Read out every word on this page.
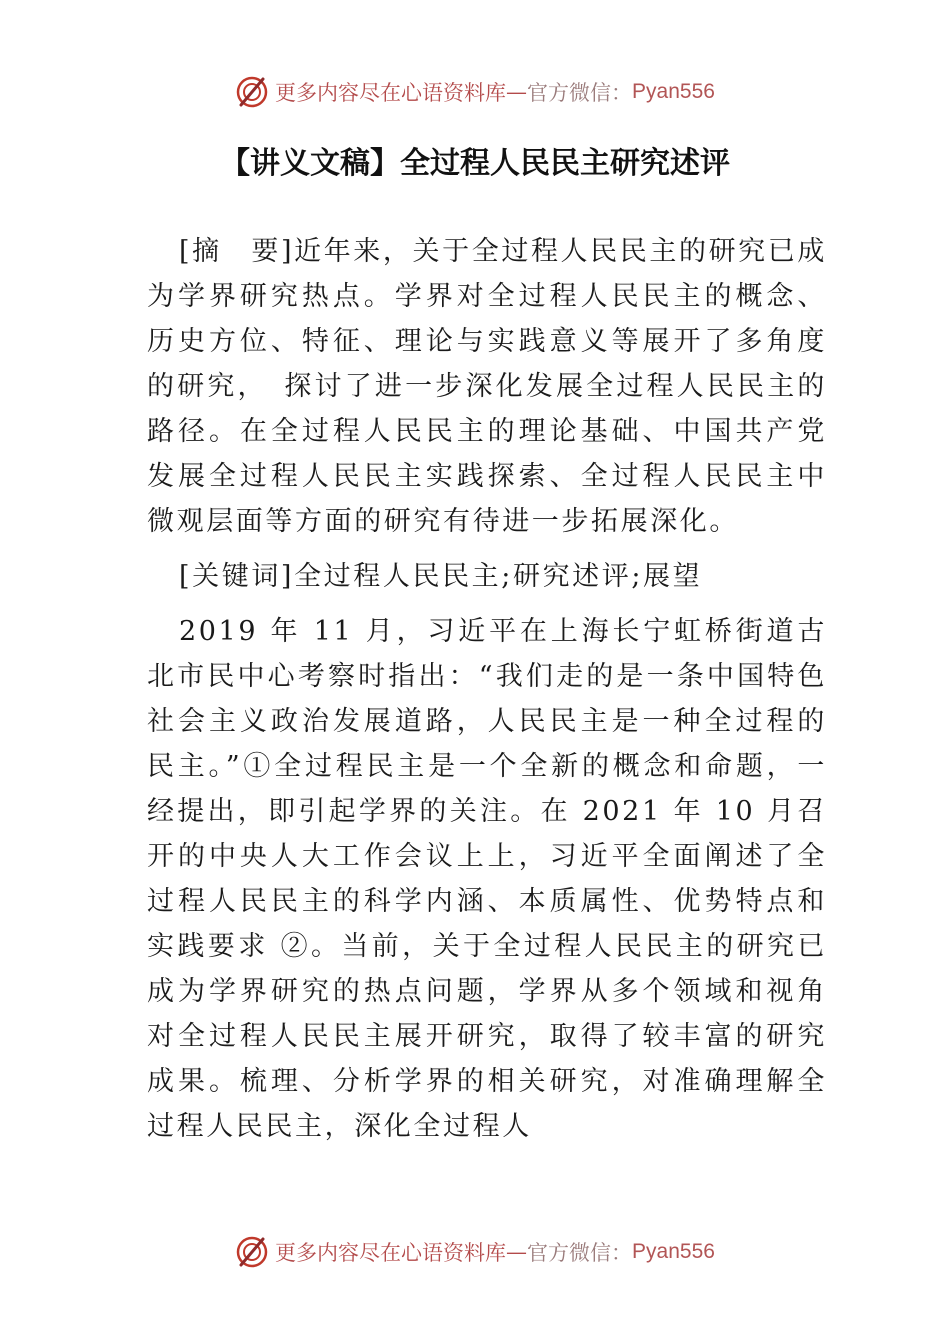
更多内容尽在心语资料库 — 官方微信： Pyan556
【讲义文稿】全过程人民民主研究述评

[摘　要]近年来，关于全过程人民民主的研究已成为学界研究热点。学界对全过程人民民主的概念、历史方位、特征、理论与实践意义等展开了多角度的研究，　探讨了进一步深化发展全过程人民民主的路径。在全过程人民民主的理论基础、中国共产党发展全过程人民民主实践探索、全过程人民民主中微观层面等方面的研究有待进一步拓展深化。

[关键词]全过程人民民主;研究述评;展望

2019 年 11 月，习近平在上海长宁虹桥街道古北市民中心考察时指出：“我们走的是一条中国特色社会主义政治发展道路，人民民主是一种全过程的民主。”①全过程民主是一个全新的概念和命题，一经提出，即引起学界的关注。在 2021 年 10 月召开的中央人大工作会议上上，习近平全面阐述了全过程人民民主的科学内涵、本质属性、优势特点和实践要求 ②。当前，关于全过程人民民主的研究已成为学界研究的热点问题，学界从多个领域和视角对全过程人民民主展开研究，取得了较丰富的研究成果。梳理、分析学界的相关研究，对准确理解全过程人民民主，深化全过程人

更多内容尽在心语资料库 — 官方微信： Pyan556
